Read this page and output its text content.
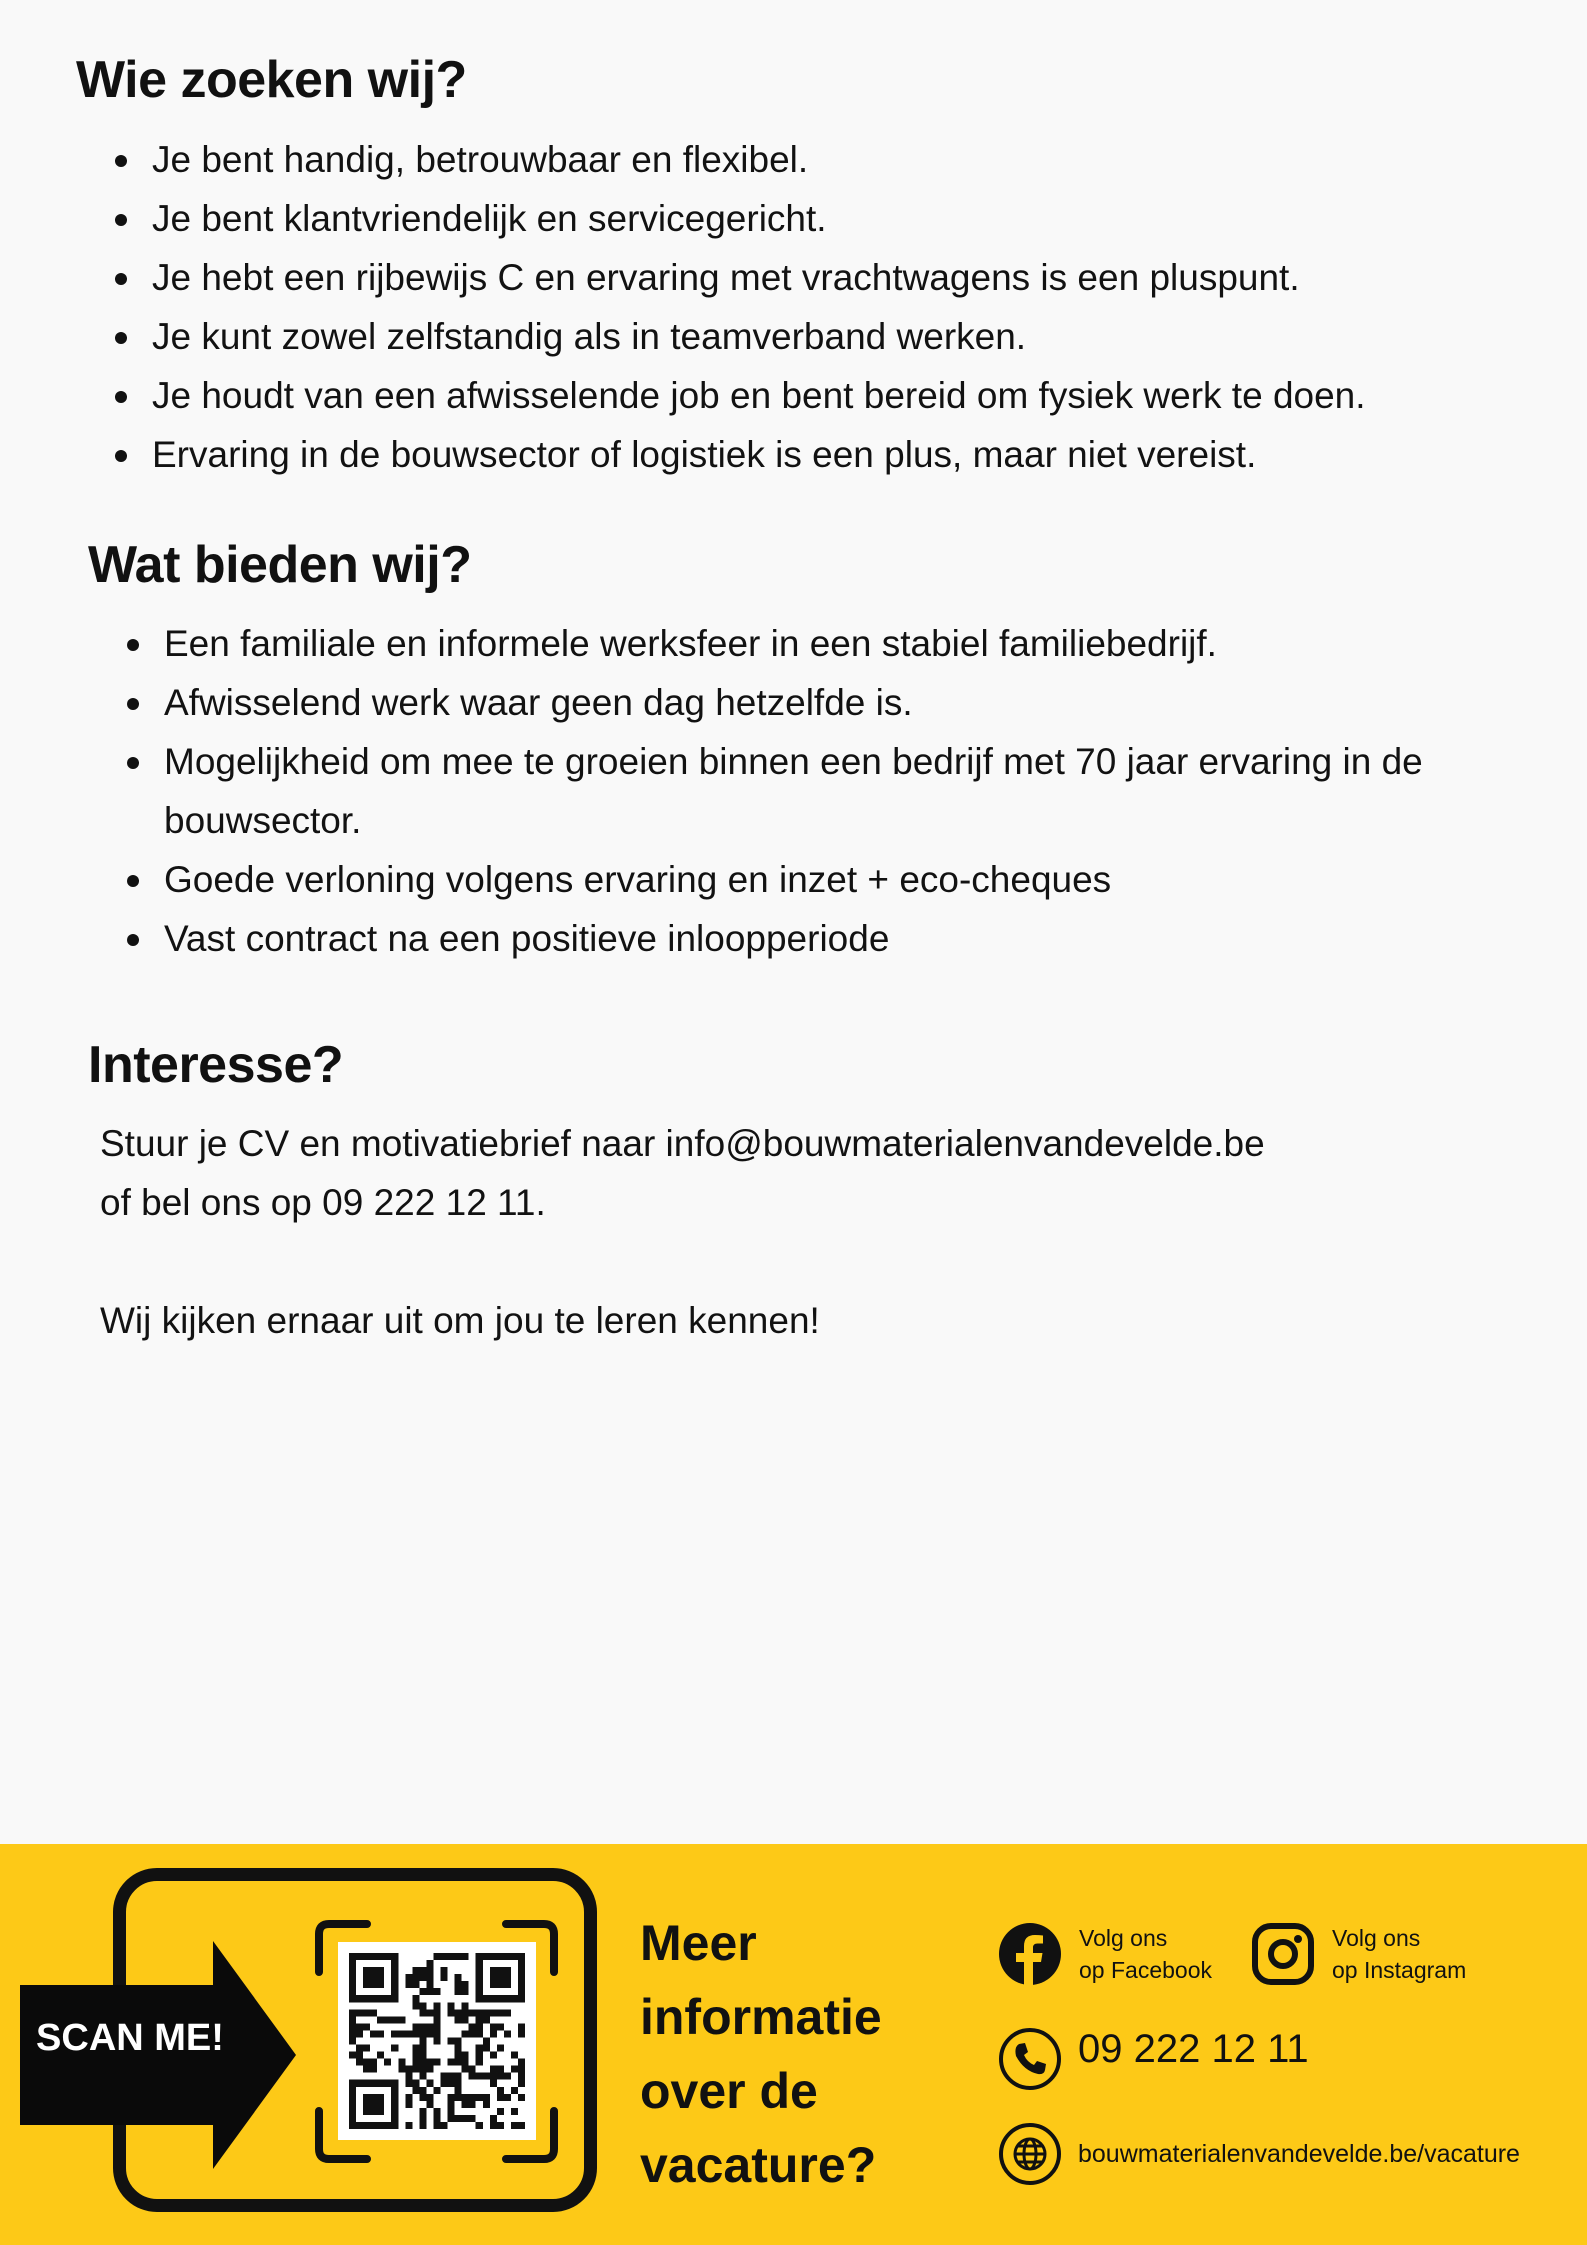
Wie zoeken wij?
Je bent handig, betrouwbaar en flexibel.
Je bent klantvriendelijk en servicegericht.
Je hebt een rijbewijs C en ervaring met vrachtwagens is een pluspunt.
Je kunt zowel zelfstandig als in teamverband werken.
Je houdt van een afwisselende job en bent bereid om fysiek werk te doen.
Ervaring in de bouwsector of logistiek is een plus, maar niet vereist.
Wat bieden wij?
Een familiale en informele werksfeer in een stabiel familiebedrijf.
Afwisselend werk waar geen dag hetzelfde is.
Mogelijkheid om mee te groeien binnen een bedrijf met 70 jaar ervaring in de bouwsector.
Goede verloning volgens ervaring en inzet + eco-cheques
Vast contract na een positieve inloopperiode
Interesse?

Stuur je CV en motivatiebrief naar info@bouwmaterialenvandevelde.be

of bel ons op 09 222 12 11.

Wij kijken ernaar uit om jou te leren kennen!

SCAN ME!
Meer
informatie
over de
vacature?
Volg ons
op Facebook
Volg ons
op Instagram
09 222 12 11
bouwmaterialenvandevelde.be/vacature
